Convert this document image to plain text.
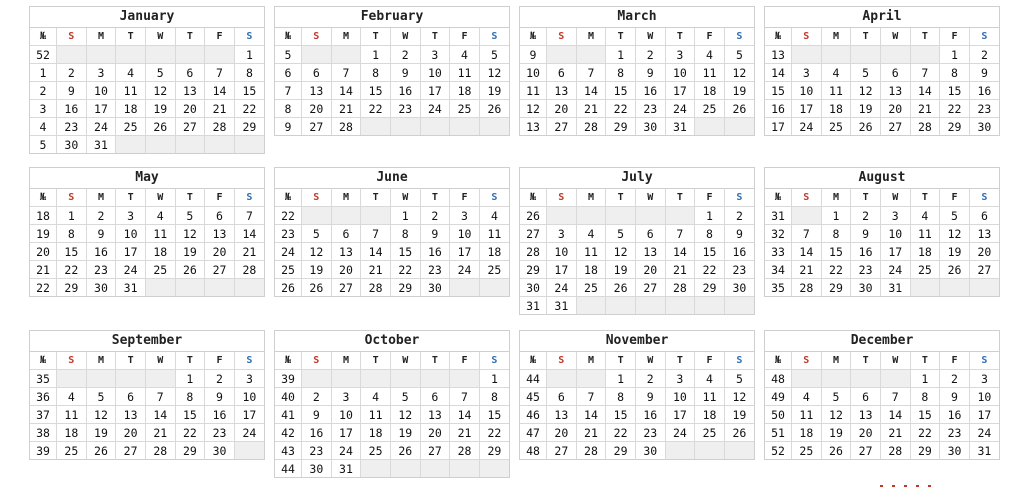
January
№	S	M	T	W	T	F	S
52							1
1	2	3	4	5	6	7	8
2	9	10	11	12	13	14	15
3	16	17	18	19	20	21	22
4	23	24	25	26	27	28	29
5	30	31					
February
№	S	M	T	W	T	F	S
5			1	2	3	4	5
6	6	7	8	9	10	11	12
7	13	14	15	16	17	18	19
8	20	21	22	23	24	25	26
9	27	28					
March
№	S	M	T	W	T	F	S
9			1	2	3	4	5
10	6	7	8	9	10	11	12
11	13	14	15	16	17	18	19
12	20	21	22	23	24	25	26
13	27	28	29	30	31		
April
№	S	M	T	W	T	F	S
13						1	2
14	3	4	5	6	7	8	9
15	10	11	12	13	14	15	16
16	17	18	19	20	21	22	23
17	24	25	26	27	28	29	30
May
№	S	M	T	W	T	F	S
18	1	2	3	4	5	6	7
19	8	9	10	11	12	13	14
20	15	16	17	18	19	20	21
21	22	23	24	25	26	27	28
22	29	30	31				
June
№	S	M	T	W	T	F	S
22				1	2	3	4
23	5	6	7	8	9	10	11
24	12	13	14	15	16	17	18
25	19	20	21	22	23	24	25
26	26	27	28	29	30		
July
№	S	M	T	W	T	F	S
26						1	2
27	3	4	5	6	7	8	9
28	10	11	12	13	14	15	16
29	17	18	19	20	21	22	23
30	24	25	26	27	28	29	30
31	31						
August
№	S	M	T	W	T	F	S
31		1	2	3	4	5	6
32	7	8	9	10	11	12	13
33	14	15	16	17	18	19	20
34	21	22	23	24	25	26	27
35	28	29	30	31			
September
№	S	M	T	W	T	F	S
35					1	2	3
36	4	5	6	7	8	9	10
37	11	12	13	14	15	16	17
38	18	19	20	21	22	23	24
39	25	26	27	28	29	30	
October
№	S	M	T	W	T	F	S
39							1
40	2	3	4	5	6	7	8
41	9	10	11	12	13	14	15
42	16	17	18	19	20	21	22
43	23	24	25	26	27	28	29
44	30	31					
November
№	S	M	T	W	T	F	S
44			1	2	3	4	5
45	6	7	8	9	10	11	12
46	13	14	15	16	17	18	19
47	20	21	22	23	24	25	26
48	27	28	29	30			
December
№	S	M	T	W	T	F	S
48					1	2	3
49	4	5	6	7	8	9	10
50	11	12	13	14	15	16	17
51	18	19	20	21	22	23	24
52	25	26	27	28	29	30	31
